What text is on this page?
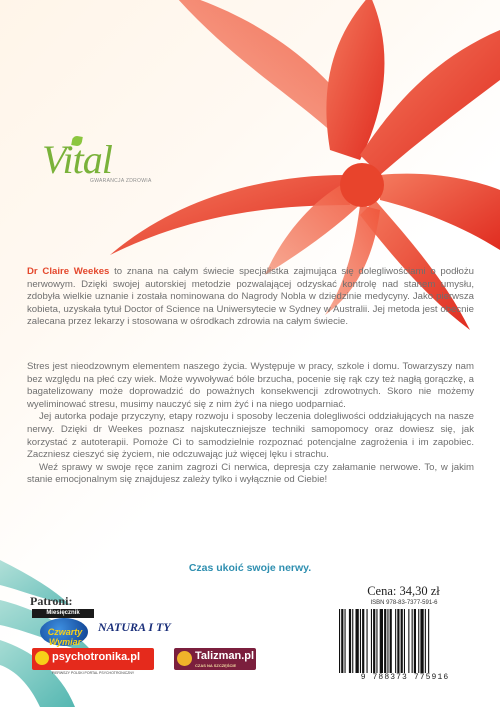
Vital
GWARANCJA ZDROWIA

Dr Claire Weekes to znana na całym świecie specjalistka zajmująca się dolegliwościami o podłożu nerwowym. Dzięki swojej autorskiej metodzie pozwalającej odzyskać kontrolę nad stanem umysłu, zdobyła wielkie uznanie i została nominowana do Nagrody Nobla w dziedzinie medycyny. Jako pierwsza kobieta, uzyskała tytuł Doctor of Science na Uniwersytecie w Sydney w Australii. Jej metoda jest obecnie zalecana przez lekarzy i stosowana w ośrodkach zdrowia na całym świecie.

Stres jest nieodzownym elementem naszego życia. Występuje w pracy, szkole i domu. Towarzyszy nam bez względu na płeć czy wiek. Może wywoływać bóle brzucha, pocenie się rąk czy też nagłą gorączkę, a bagatelizowany może doprowadzić do poważnych konsekwencji zdrowotnych. Skoro nie możemy wyeliminować stresu, musimy nauczyć się z nim żyć i na niego uodparniać.

Jej autorka podaje przyczyny, etapy rozwoju i sposoby leczenia dolegliwości oddziałujących na nasze nerwy. Dzięki dr Weekes poznasz najskuteczniejsze techniki samopomocy oraz dowiesz się, jak korzystać z autoterapii. Pomoże Ci to samodzielnie rozpoznać potencjalne zagrożenia i im zapobiec. Zaczniesz cieszyć się życiem, nie odczuwając już więcej lęku i strachu.

Weź sprawy w swoje ręce zanim zagrozi Ci nerwica, depresja czy załamanie nerwowe. To, w jakim stanie emocjonalnym się znajdujesz zależy tylko i wyłącznie od Ciebie!

Czas ukoić swoje nerwy.
Patroni:
Miesięcznik
Czwarty Wymiar
NATURA I TY
psychotronika.pl
PIERWSZY POLSKI PORTAL PSYCHOTRONICZNY
Talizman.pl
CZAS NA SZCZĘŚCIE
Cena: 34,30 zł
ISBN 978-83-7377-591-6
9 788373 775916
